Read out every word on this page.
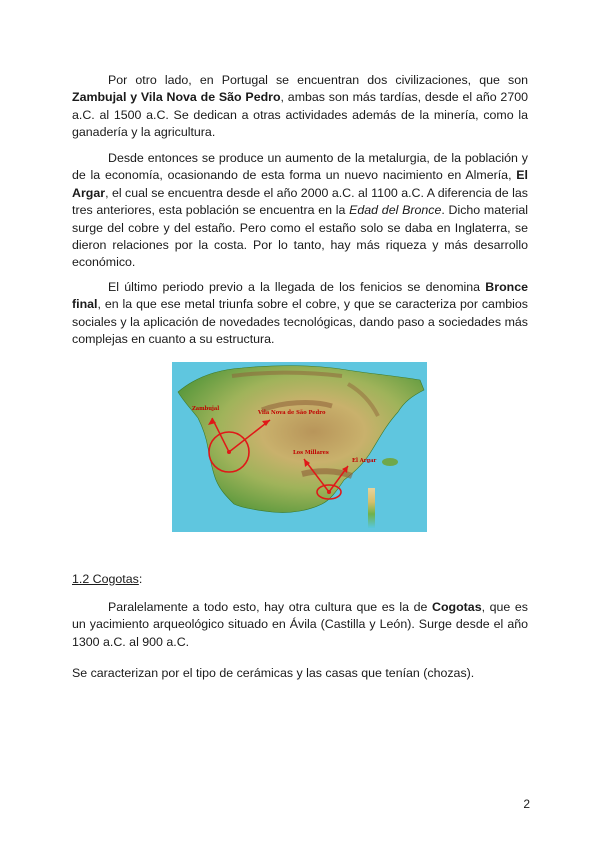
Por otro lado, en Portugal se encuentran dos civilizaciones, que son Zambujal y Vila Nova de São Pedro, ambas son más tardías, desde el año 2700 a.C. al 1500 a.C. Se dedican a otras actividades además de la minería, como la ganadería y la agricultura.

Desde entonces se produce un aumento de la metalurgia, de la población y de la economía, ocasionando de esta forma un nuevo nacimiento en Almería, El Argar, el cual se encuentra desde el año 2000 a.C. al 1100 a.C. A diferencia de las tres anteriores, esta población se encuentra en la Edad del Bronce. Dicho material surge del cobre y del estaño. Pero como el estaño solo se daba en Inglaterra, se dieron relaciones por la costa. Por lo tanto, hay más riqueza y más desarrollo económico.

El último periodo previo a la llegada de los fenicios se denomina Bronce final, en la que ese metal triunfa sobre el cobre, y que se caracteriza por cambios sociales y la aplicación de novedades tecnológicas, dando paso a sociedades más complejas en cuanto a su estructura.

Zambujal
Vila Nova de São Pedro
Los Millares
El Argar

1.2 Cogotas:

Paralelamente a todo esto, hay otra cultura que es la de Cogotas, que es un yacimiento arqueológico situado en Ávila (Castilla y León). Surge desde el año 1300 a.C. al 900 a.C.

Se caracterizan por el tipo de cerámicas y las casas que tenían (chozas).

2
